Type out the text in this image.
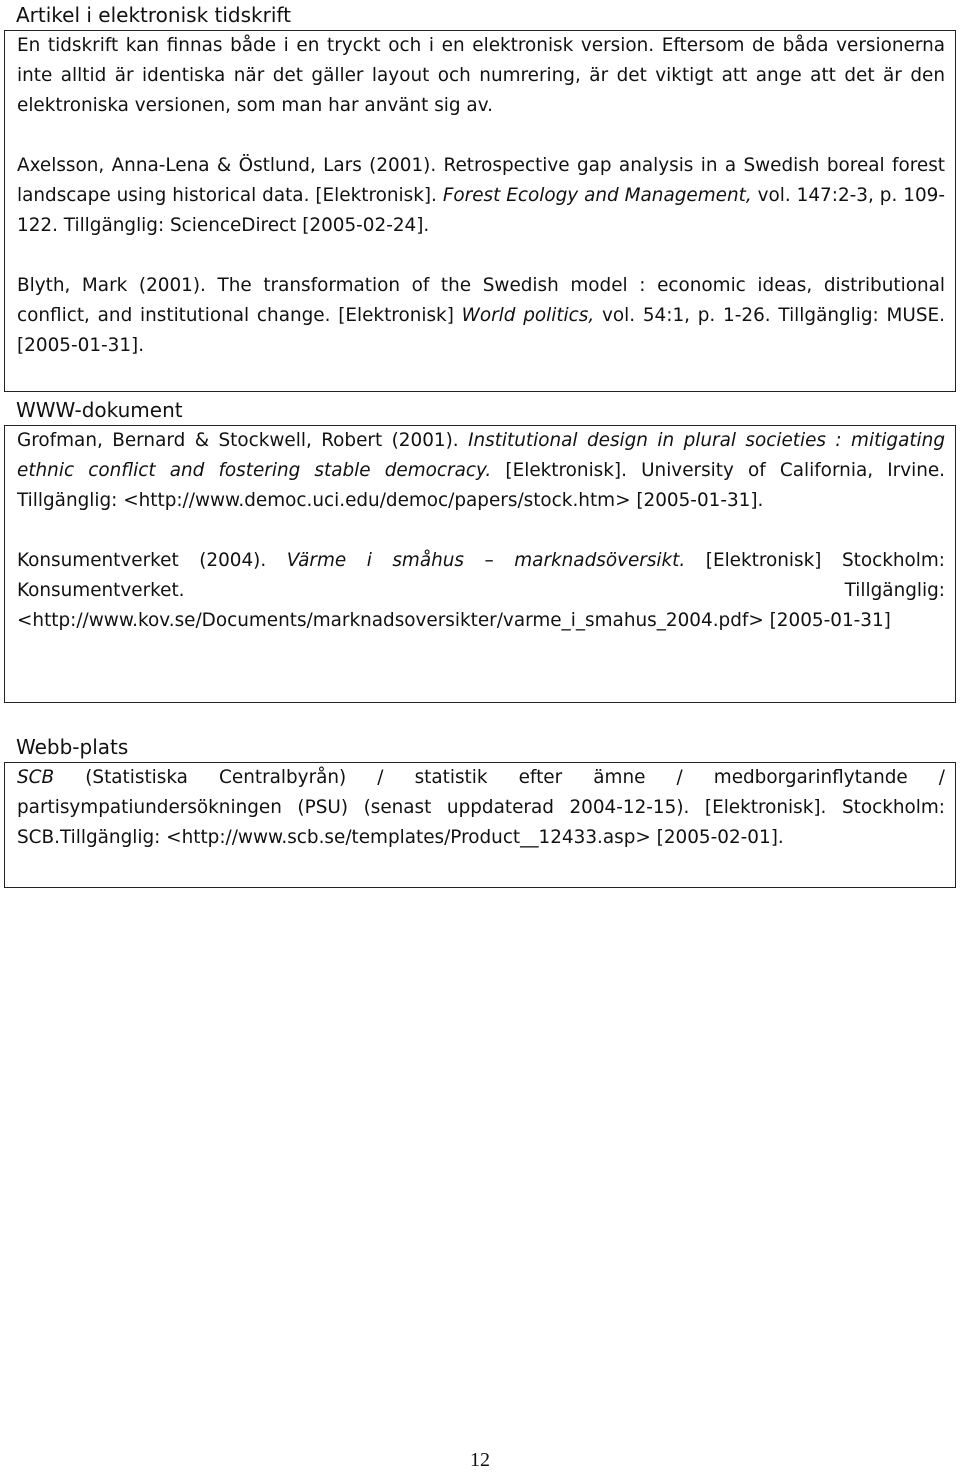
Artikel i elektronisk tidskrift

En tidskrift kan finnas både i en tryckt och i en elektronisk version. Eftersom de båda versionerna inte alltid är identiska när det gäller layout och numrering, är det viktigt att ange att det är den elektroniska versionen, som man har använt sig av.

Axelsson, Anna-Lena & Östlund, Lars (2001). Retrospective gap analysis in a Swedish boreal forest landscape using historical data. [Elektronisk]. Forest Ecology and Management, vol. 147:2-3, p. 109-122. Tillgänglig: ScienceDirect [2005-02-24].

Blyth, Mark (2001). The transformation of the Swedish model : economic ideas, distributional conflict, and institutional change. [Elektronisk] World politics, vol. 54:1, p. 1-26. Tillgänglig: MUSE. [2005-01-31].

WWW-dokument

Grofman, Bernard & Stockwell, Robert (2001). Institutional design in plural societies : mitigating ethnic conflict and fostering stable democracy. [Elektronisk]. University of California, Irvine. Tillgänglig: <http://www.democ.uci.edu/democ/papers/stock.htm> [2005-01-31].

Konsumentverket (2004). Värme i småhus – marknadsöversikt. [Elektronisk] Stockholm: Konsumentverket. Tillgänglig: <http://www.kov.se/Documents/marknadsoversikter/varme_i_smahus_2004.pdf> [2005-01-31]

Webb-plats

SCB (Statistiska Centralbyrån) / statistik efter ämne / medborgarinflytande / partisympatiundersökningen (PSU) (senast uppdaterad 2004-12-15). [Elektronisk]. Stockholm: SCB.Tillgänglig: <http://www.scb.se/templates/Product__12433.asp> [2005-02-01].

12
